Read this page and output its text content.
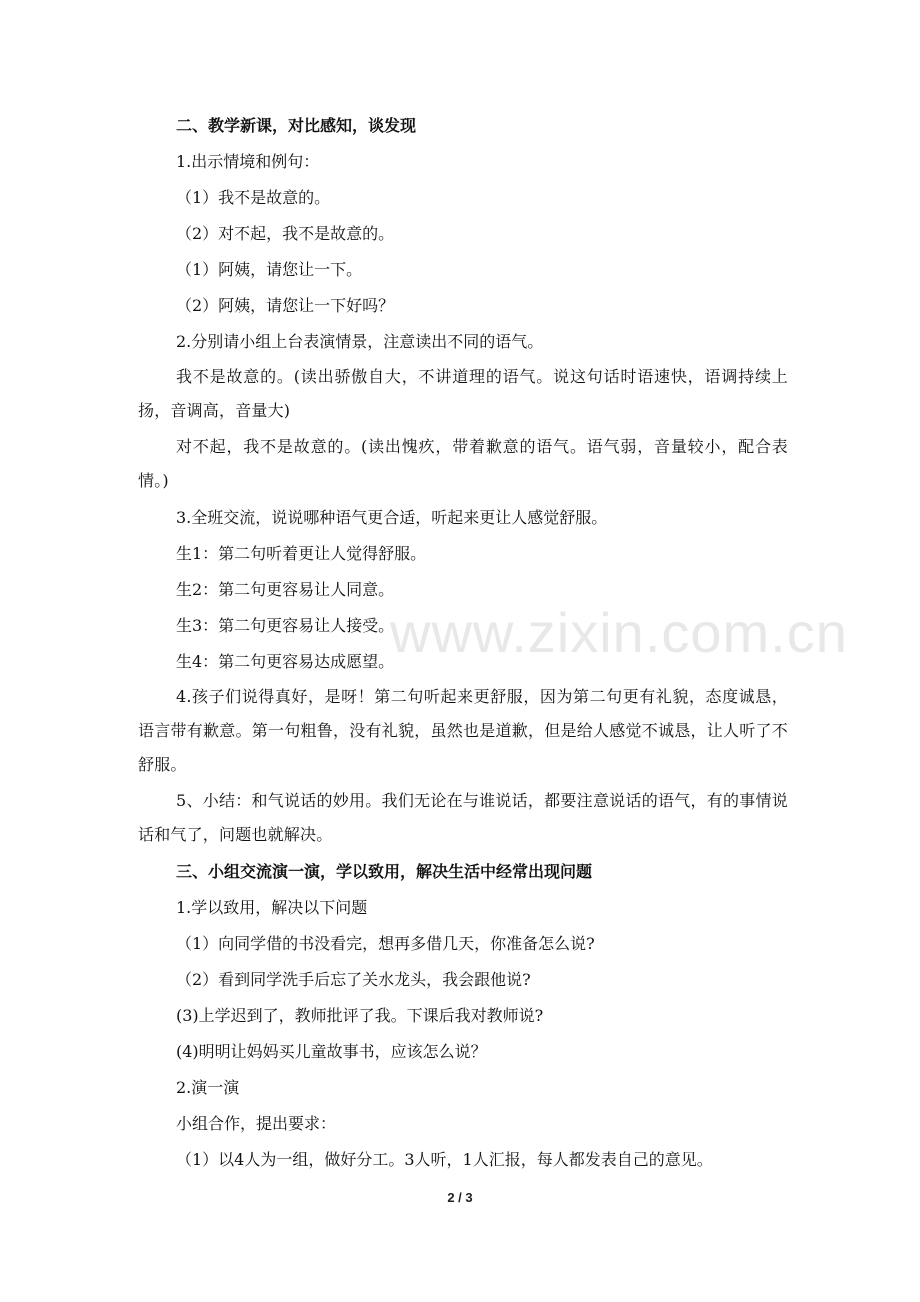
www.zixin.com.cn

二、教学新课，对比感知，谈发现

1.出示情境和例句：

（1）我不是故意的。

（2）对不起，我不是故意的。

（1）阿姨，请您让一下。

（2）阿姨，请您让一下好吗？

2.分别请小组上台表演情景，注意读出不同的语气。

我不是故意的。(读出骄傲自大，不讲道理的语气。说这句话时语速快，语调持续上扬，音调高，音量大)

对不起，我不是故意的。(读出愧疚，带着歉意的语气。语气弱，音量较小，配合表情。)

3.全班交流，说说哪种语气更合适，听起来更让人感觉舒服。

生1：第二句听着更让人觉得舒服。

生2：第二句更容易让人同意。

生3：第二句更容易让人接受。

生4：第二句更容易达成愿望。

4.孩子们说得真好，是呀！第二句听起来更舒服，因为第二句更有礼貌，态度诚恳，语言带有歉意。第一句粗鲁，没有礼貌，虽然也是道歉，但是给人感觉不诚恳，让人听了不舒服。

5、小结：和气说话的妙用。我们无论在与谁说话，都要注意说话的语气，有的事情说话和气了，问题也就解决。

三、小组交流演一演，学以致用，解决生活中经常出现问题

1.学以致用，解决以下问题

（1）向同学借的书没看完，想再多借几天，你准备怎么说?

（2）看到同学洗手后忘了关水龙头，我会跟他说?

(3)上学迟到了，教师批评了我。下课后我对教师说?

(4)明明让妈妈买儿童故事书，应该怎么说？

2.演一演

小组合作，提出要求：

（1）以4人为一组，做好分工。3人听，1人汇报，每人都发表自己的意见。

2 / 3
